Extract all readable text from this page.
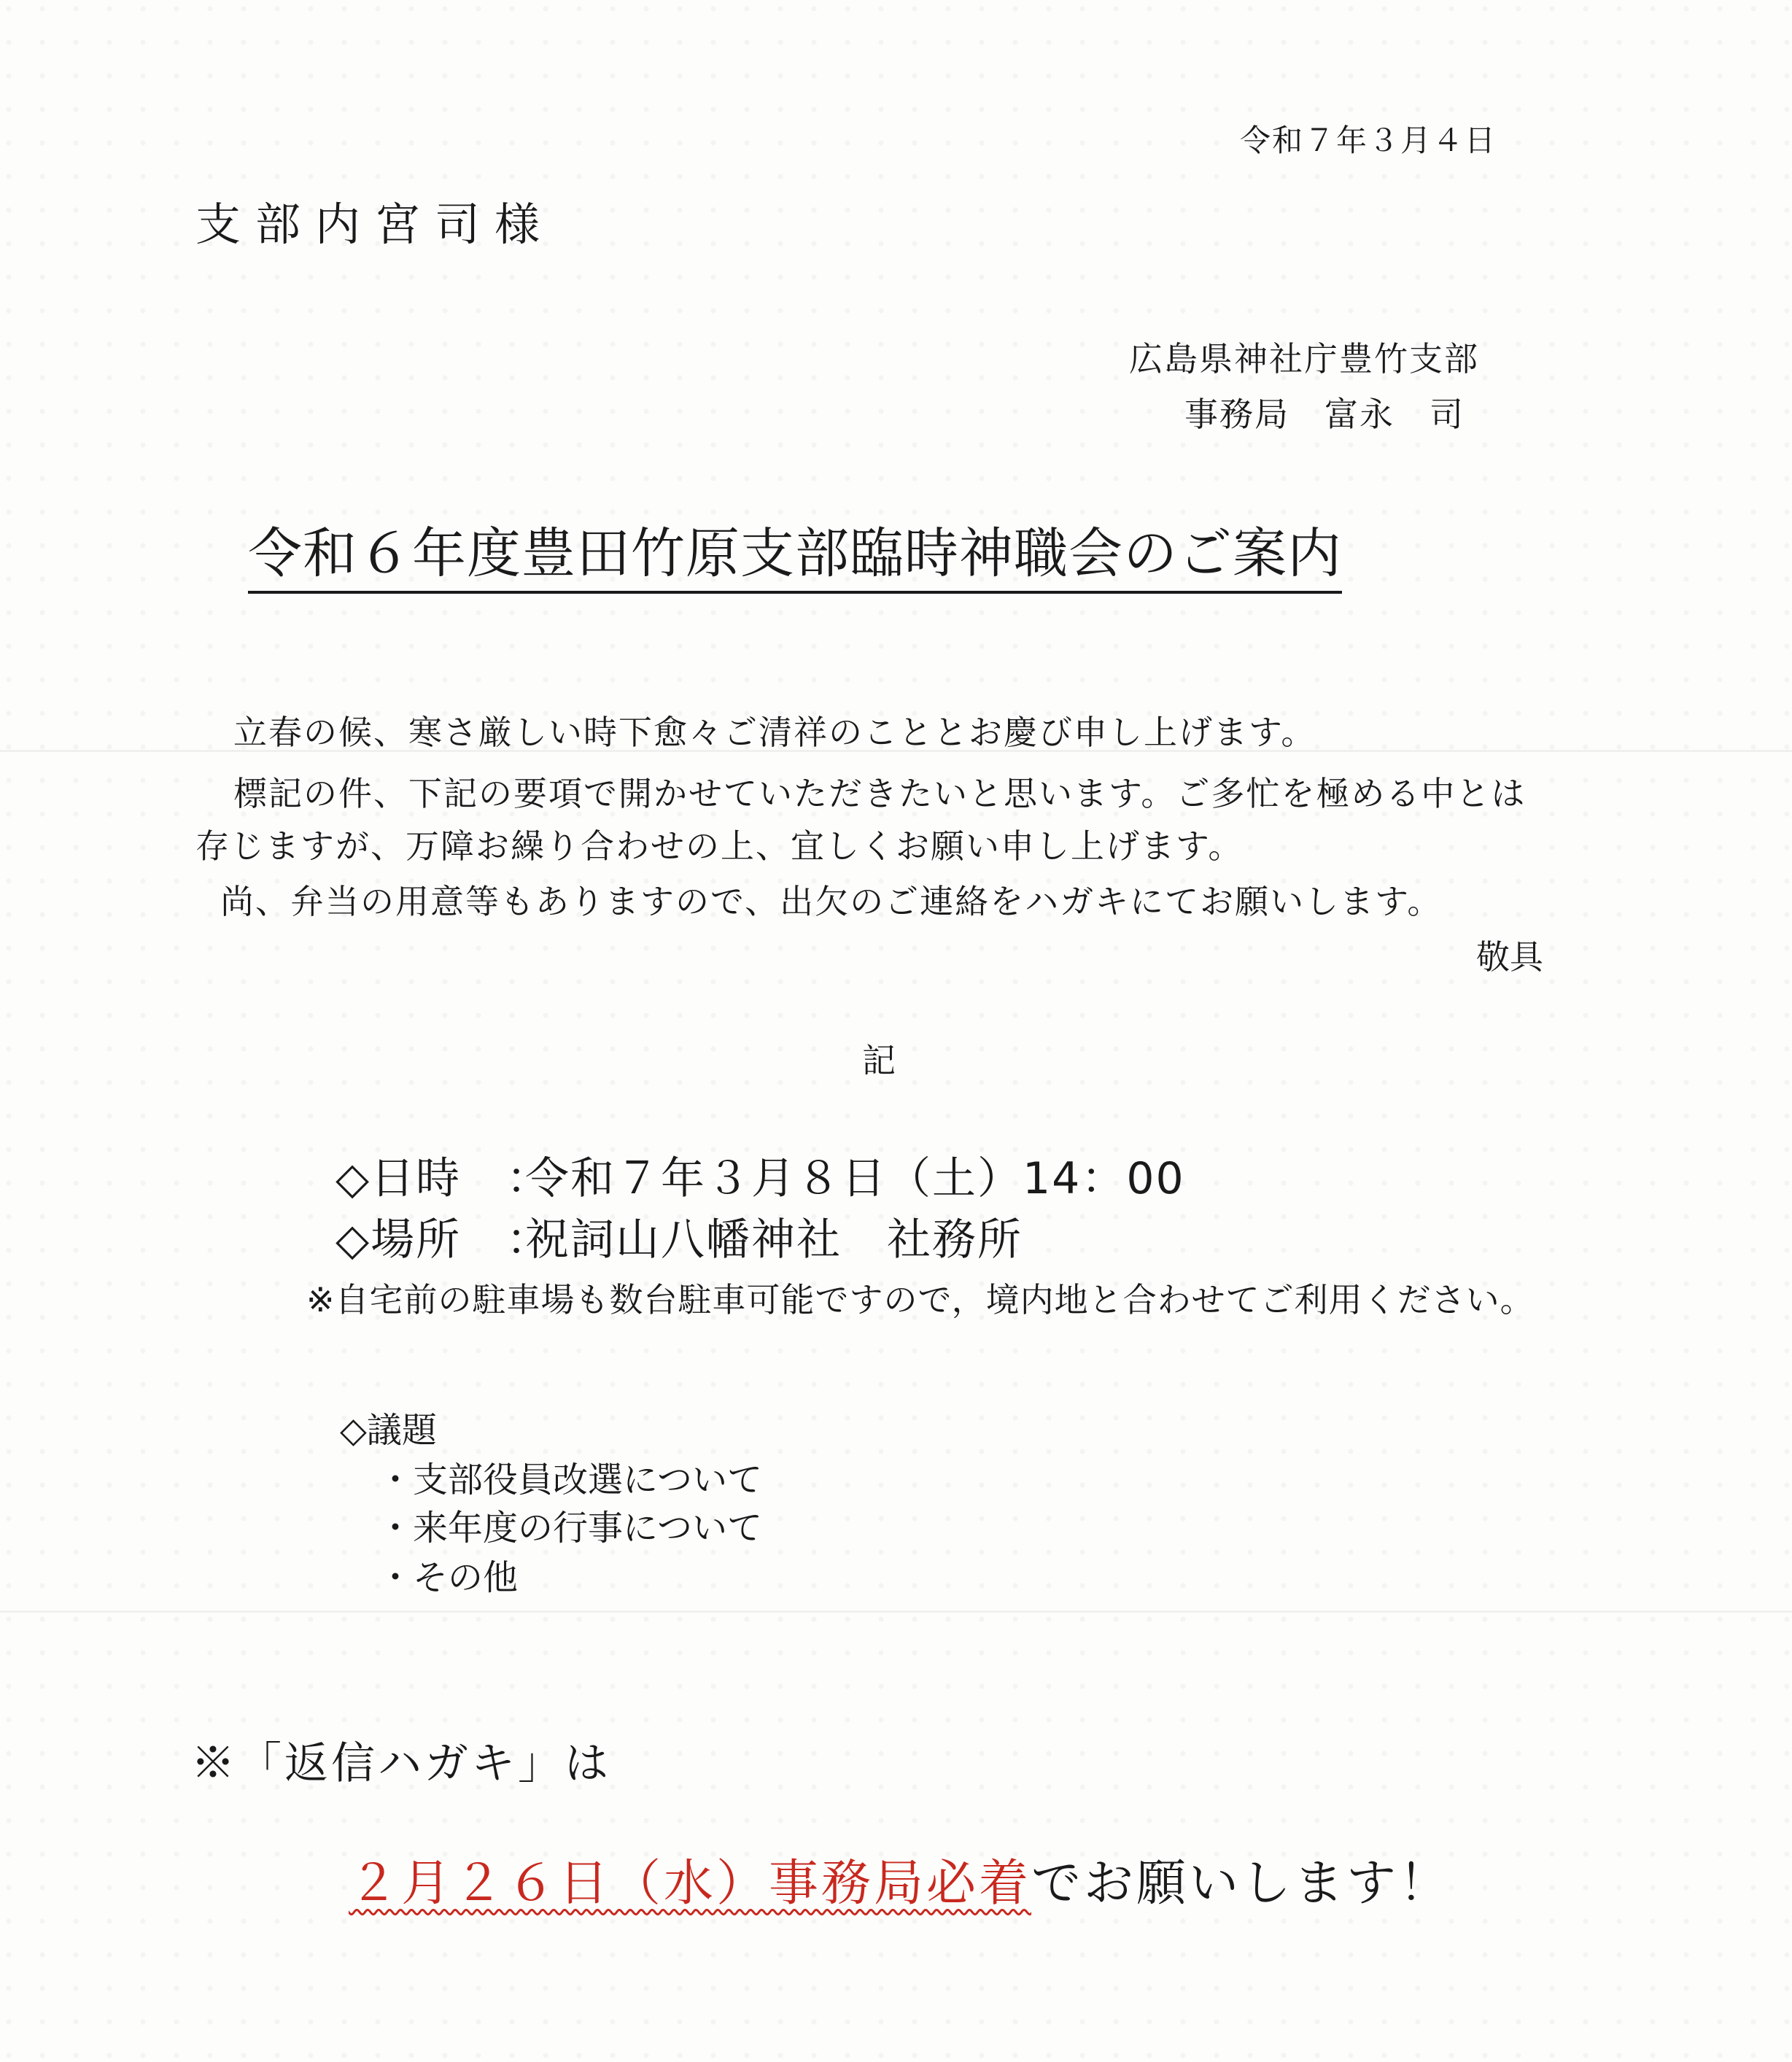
令和７年３月４日
支部内宮司様
広島県神社庁豊竹支部
事務局　富永　司
令和６年度豊田竹原支部臨時神職会のご案内
立春の候、寒さ厳しい時下愈々ご清祥のこととお慶び申し上げます。
標記の件、下記の要項で開かせていただきたいと思います。ご多忙を極める中とは
存じますが、万障お繰り合わせの上、宜しくお願い申し上げます。
尚、弁当の用意等もありますので、出欠のご連絡をハガキにてお願いします。
敬具
記
◇日時　：令和７年３月８日（土）14：00
◇場所　：祝詞山八幡神社　社務所
※自宅前の駐車場も数台駐車可能ですので，境内地と合わせてご利用ください。
◇議題
・支部役員改選について
・来年度の行事について
・その他
※「返信ハガキ」は
２月２６日（水）事務局必着でお願いします！
